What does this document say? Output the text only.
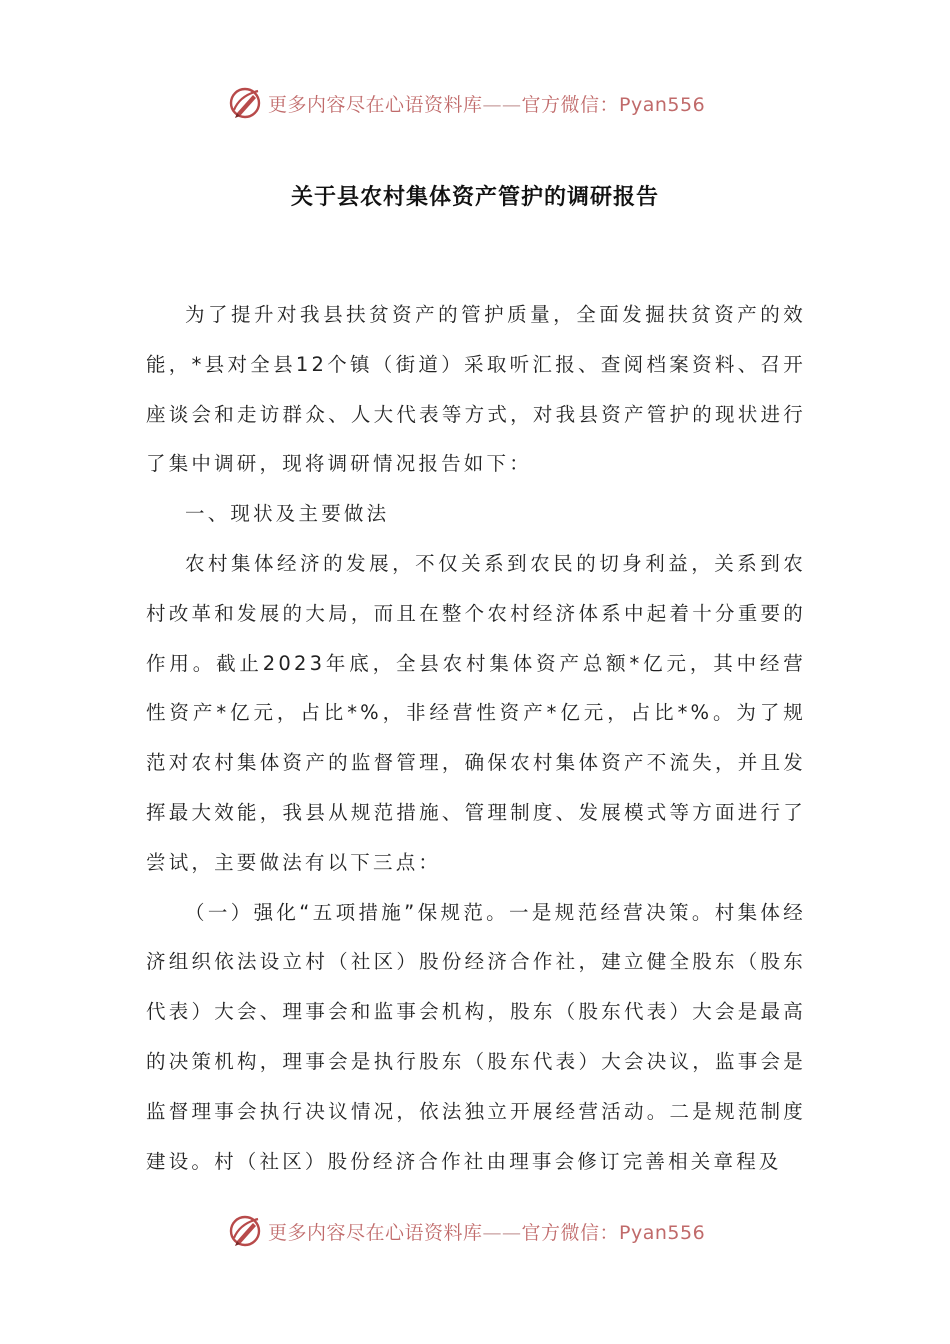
更多内容尽在心语资料库——官方微信：Pyan556
关于县农村集体资产管护的调研报告

为了提升对我县扶贫资产的管护质量，全面发掘扶贫资产的效能，*县对全县12个镇（街道）采取听汇报、查阅档案资料、召开座谈会和走访群众、人大代表等方式，对我县资产管护的现状进行了集中调研，现将调研情况报告如下：

一、现状及主要做法

农村集体经济的发展，不仅关系到农民的切身利益，关系到农村改革和发展的大局，而且在整个农村经济体系中起着十分重要的作用。截止2023年底，全县农村集体资产总额*亿元，其中经营性资产*亿元，占比*%，非经营性资产*亿元，占比*%。为了规范对农村集体资产的监督管理，确保农村集体资产不流失，并且发挥最大效能，我县从规范措施、管理制度、发展模式等方面进行了尝试，主要做法有以下三点：

（一）强化“五项措施”保规范。一是规范经营决策。村集体经济组织依法设立村（社区）股份经济合作社，建立健全股东（股东代表）大会、理事会和监事会机构，股东（股东代表）大会是最高的决策机构，理事会是执行股东（股东代表）大会决议，监事会是监督理事会执行决议情况，依法独立开展经营活动。二是规范制度建设。村（社区）股份经济合作社由理事会修订完善相关章程及

更多内容尽在心语资料库——官方微信：Pyan556
